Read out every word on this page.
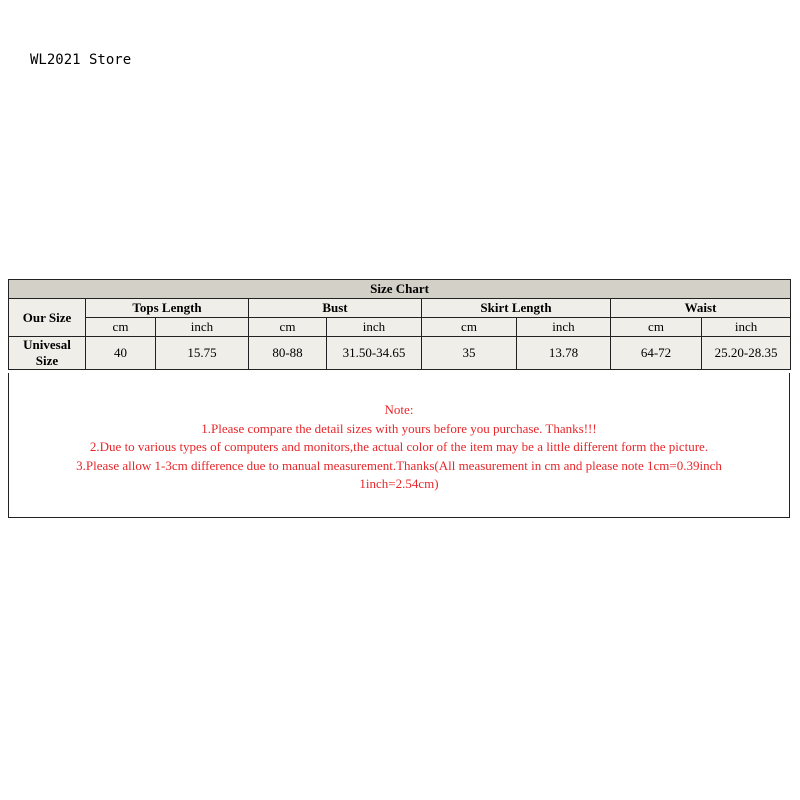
WL2021 Store
Size Chart								
Our Size	Tops Length		Bust		Skirt Length		Waist	
	cm	inch	cm	inch	cm	inch	cm	inch
Univesal
Size	40	15.75	80-88	31.50-34.65	35	13.78	64-72	25.20-28.35
Note:
1.Please compare the detail sizes with yours before you purchase. Thanks!!!
2.Due to various types of computers and monitors,the actual color of the item may be a little different form the picture.
3.Please allow 1-3cm difference due to manual measurement.Thanks(All measurement in cm and please note 1cm=0.39inch
1inch=2.54cm)
